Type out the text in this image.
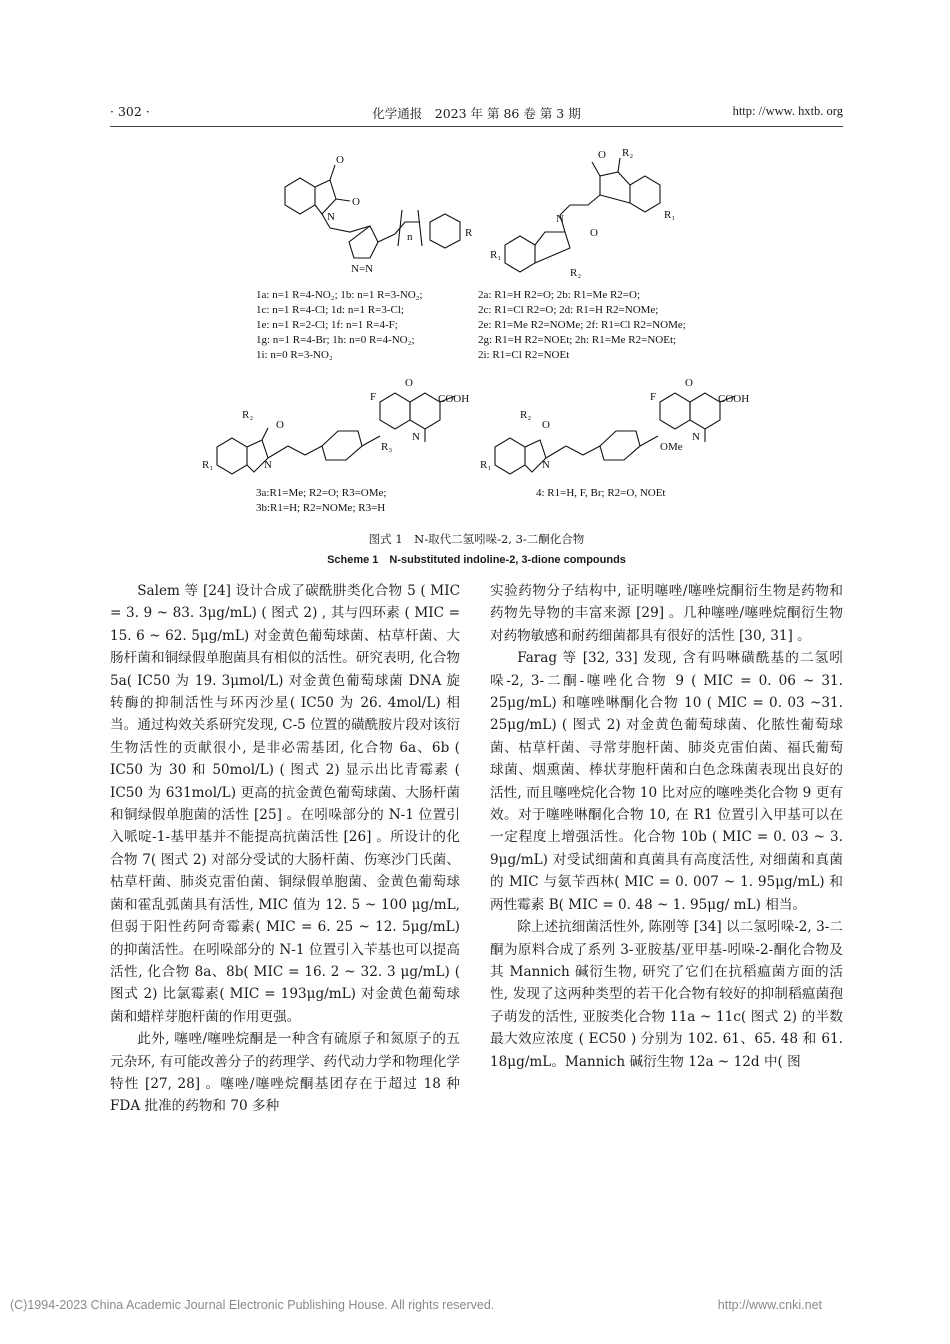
· 302 ·	化学通报　2023 年 第 86 卷 第 3 期	http: //www. hxtb. org
O
O
N
N=N
n	R
O R₂
R₁
N
O
R₂
R₁
R₂
O
R₁	N
F
O
COOH
R₃
N
R₂
O
R₁	N
F
O
COOH
OMe
N
1a: n=1 R=4-NO₂; 1b: n=1 R=3-NO₂;
1c: n=1 R=4-Cl; 1d: n=1 R=3-Cl;
1e: n=1 R=2-Cl; 1f: n=1 R=4-F;
1g: n=1 R=4-Br; 1h: n=0 R=4-NO₂;
1i: n=0 R=3-NO₂
2a: R1=H R2=O; 2b: R1=Me R2=O;
2c: R1=Cl R2=O; 2d: R1=H R2=NOMe;
2e: R1=Me R2=NOMe; 2f: R1=Cl R2=NOMe;
2g: R1=H R2=NOEt; 2h: R1=Me R2=NOEt;
2i: R1=Cl R2=NOEt
3a:R1=Me; R2=O; R3=OMe;
3b:R1=H; R2=NOMe; R3=H
4: R1=H, F, Br; R2=O, NOEt
图式 1　N-取代二氢吲哚-2, 3-二酮化合物
Scheme 1　N-substituted indoline-2, 3-dione compounds

Salem 等 [24] 设计合成了碳酰肼类化合物 5 ( MIC = 3. 9 ~ 83. 3μg/mL) ( 图式 2) , 其与四环素 ( MIC = 15. 6 ~ 62. 5μg/mL) 对金黄色葡萄球菌、枯草杆菌、大肠杆菌和铜绿假单胞菌具有相似的活性。研究表明, 化合物 5a( IC50 为 19. 3μmol/L) 对金黄色葡萄球菌 DNA 旋转酶的抑制活性与环丙沙星( IC50 为 26. 4mol/L) 相当。通过构效关系研究发现, C-5 位置的磺酰胺片段对该衍生物活性的贡献很小, 是非必需基团, 化合物 6a、6b ( IC50 为 30 和 50mol/L) ( 图式 2) 显示出比青霉素 ( IC50 为 631mol/L) 更高的抗金黄色葡萄球菌、大肠杆菌和铜绿假单胞菌的活性 [25] 。在吲哚部分的 N-1 位置引入哌啶-1-基甲基并不能提高抗菌活性 [26] 。所设计的化合物 7( 图式 2) 对部分受试的大肠杆菌、伤寒沙门氏菌、枯草杆菌、肺炎克雷伯菌、铜绿假单胞菌、金黄色葡萄球菌和霍乱弧菌具有活性, MIC 值为 12. 5 ~ 100 μg/mL, 但弱于阳性药阿奇霉素( MIC = 6. 25 ~ 12. 5μg/mL) 的抑菌活性。在吲哚部分的 N-1 位置引入苄基也可以提高活性, 化合物 8a、8b( MIC = 16. 2 ~ 32. 3 μg/mL) ( 图式 2) 比氯霉素( MIC = 193μg/mL) 对金黄色葡萄球菌和蜡样芽胞杆菌的作用更强。

此外, 噻唑/噻唑烷酮是一种含有硫原子和氮原子的五元杂环, 有可能改善分子的药理学、药代动力学和物理化学特性 [27, 28] 。噻唑/噻唑烷酮基团存在于超过 18 种 FDA 批准的药物和 70 多种

实验药物分子结构中, 证明噻唑/噻唑烷酮衍生物是药物和药物先导物的丰富来源 [29] 。几种噻唑/噻唑烷酮衍生物对药物敏感和耐药细菌都具有很好的活性 [30, 31] 。

Farag 等 [32, 33] 发现, 含有吗啉磺酰基的二氢吲哚-2, 3-二酮-噻唑化合物 9 ( MIC = 0. 06 ~ 31. 25μg/mL) 和噻唑啉酮化合物 10 ( MIC = 0. 03 ~31. 25μg/mL) ( 图式 2) 对金黄色葡萄球菌、化脓性葡萄球菌、枯草杆菌、寻常芽胞杆菌、肺炎克雷伯菌、福氏葡萄球菌、烟熏菌、棒状芽胞杆菌和白色念珠菌表现出良好的活性, 而且噻唑烷化合物 10 比对应的噻唑类化合物 9 更有效。对于噻唑啉酮化合物 10, 在 R1 位置引入甲基可以在一定程度上增强活性。化合物 10b ( MIC = 0. 03 ~ 3. 9μg/mL) 对受试细菌和真菌具有高度活性, 对细菌和真菌的 MIC 与氨苄西林( MIC = 0. 007 ~ 1. 95μg/mL) 和两性霉素 B( MIC = 0. 48 ~ 1. 95μg/ mL) 相当。

除上述抗细菌活性外, 陈刚等 [34] 以二氢吲哚-2, 3-二酮为原料合成了系列 3-亚胺基/亚甲基-吲哚-2-酮化合物及其 Mannich 碱衍生物, 研究了它们在抗稻瘟菌方面的活性, 发现了这两种类型的若干化合物有较好的抑制稻瘟菌孢子萌发的活性, 亚胺类化合物 11a ~ 11c( 图式 2) 的半数最大效应浓度 ( EC50 ) 分别为 102. 61、65. 48 和 61. 18μg/mL。Mannich 碱衍生物 12a ~ 12d 中( 图

(C)1994-2023 China Academic Journal Electronic Publishing House. All rights reserved.	http://www.cnki.net
